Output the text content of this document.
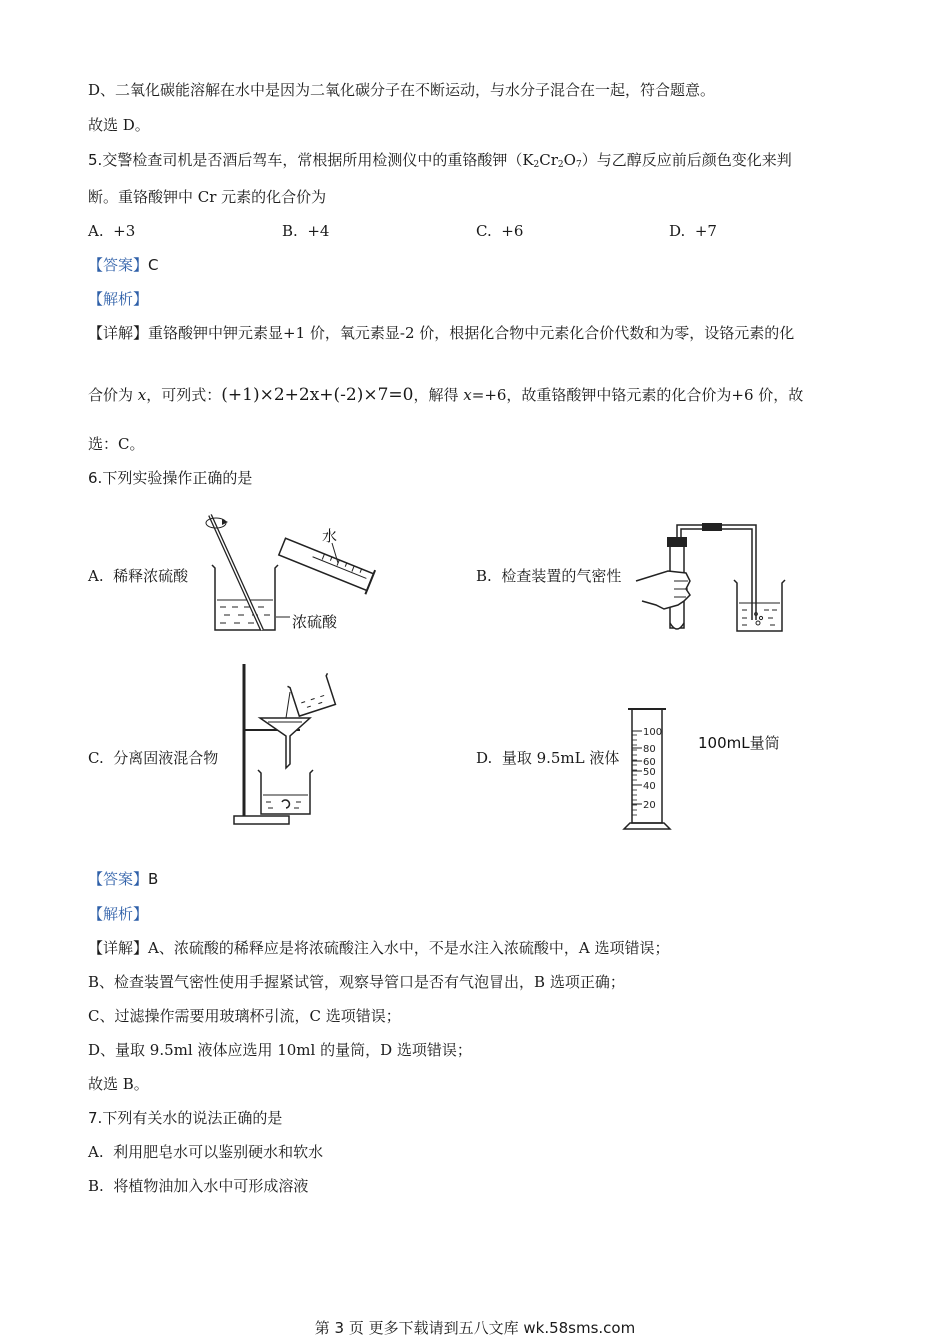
D、二氧化碳能溶解在水中是因为二氧化碳分子在不断运动，与水分子混合在一起，符合题意。
故选 D。
5.交警检查司机是否酒后驾车，常根据所用检测仪中的重铬酸钾$(K_2Cr_2O_7)$与乙醇反应前后颜色变化来判
断。重铬酸钾中 Cr 元素的化合价为
A. +3	B. +4	C. +6	D. +7
【答案】C
【解析】
【详解】重铬酸钾中钾元素显+1 价，氧元素显-2 价，根据化合物中元素化合价代数和为零，设铬元素的化
合价为 x，可列式：(+1)×2+2x+(-2)×7=0，解得 x=+6，故重铬酸钾中铬元素的化合价为+6 价，故
选：C。
6.下列实验操作正确的是
A. 稀释浓硫酸
水
浓硫酸
B. 检查装置的气密性
C. 分离固液混合物	D. 量取 9.5mL 液体
100
80
60
50
40
20
100mL量筒
【答案】B
【解析】
【详解】A、浓硫酸的稀释应是将浓硫酸注入水中，不是水注入浓硫酸中，A 选项错误；
B、检查装置气密性使用手握紧试管，观察导管口是否有气泡冒出，B 选项正确；
C、过滤操作需要用玻璃杯引流，C 选项错误；
D、量取 9.5ml 液体应选用 10ml 的量筒，D 选项错误；
故选 B。
7.下列有关水的说法正确的是
A. 利用肥皂水可以鉴别硬水和软水
B. 将植物油加入水中可形成溶液
第 3 页 更多下载请到五八文库 wk.58sms.com
